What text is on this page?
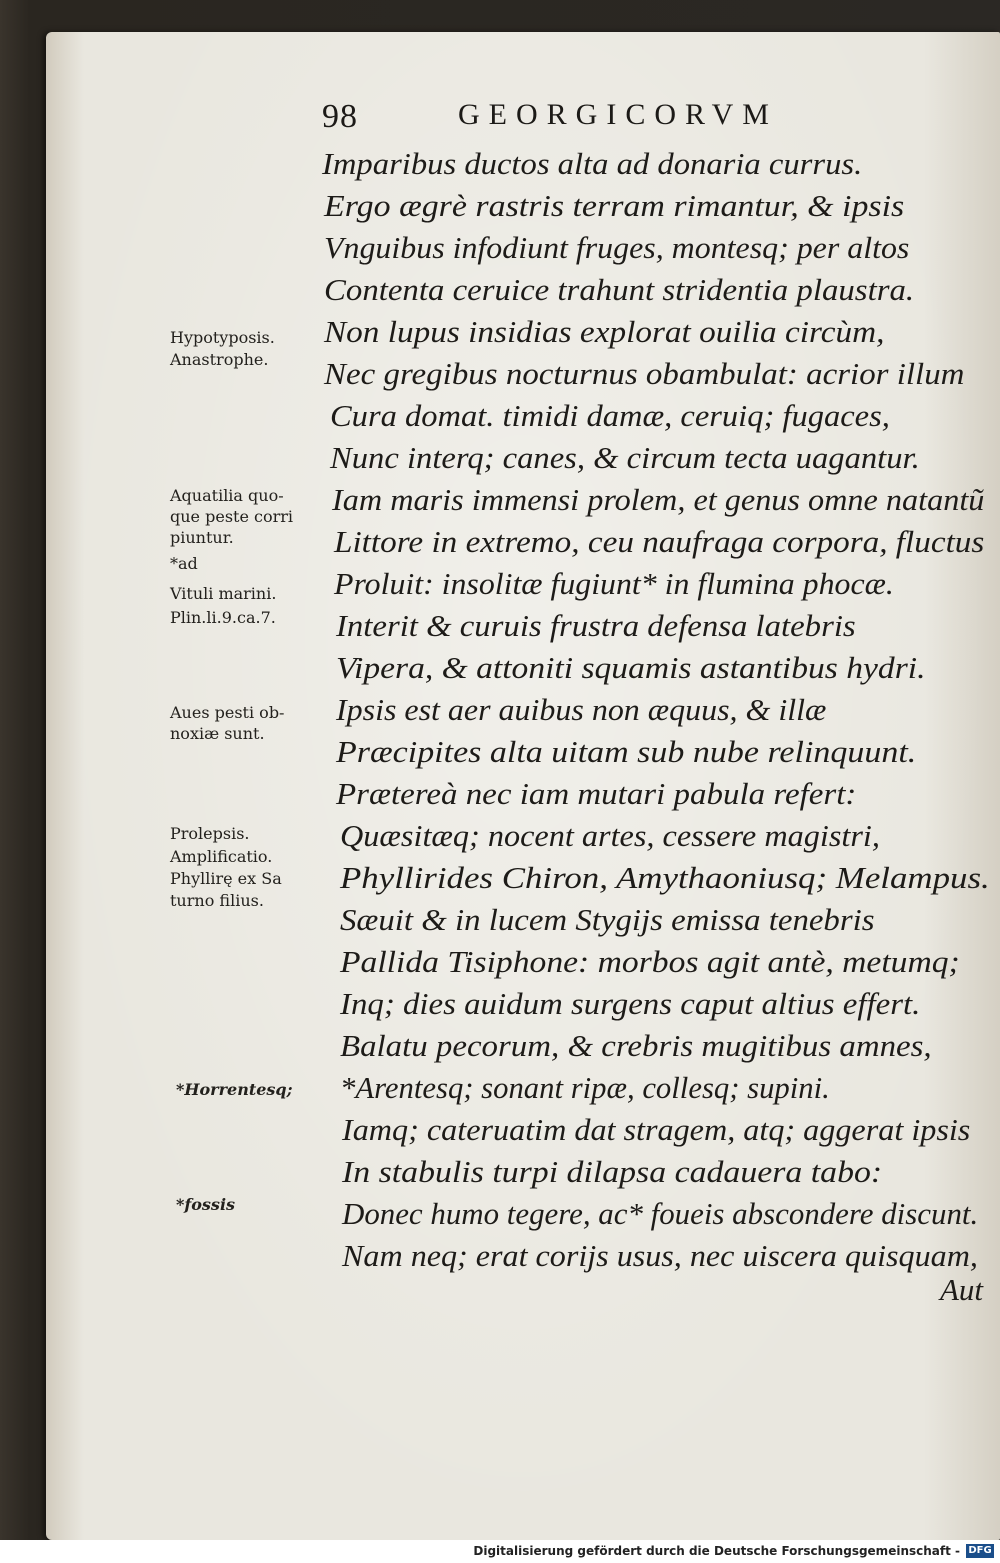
98	GEORGICORVM
Imparibus ductos alta ad donaria currus.
Ergo ægrè rastris terram rimantur, & ipsis
Vnguibus infodiunt fruges, montesq; per altos
Contenta ceruice trahunt stridentia plaustra.
Non lupus insidias explorat ouilia circùm,
Nec gregibus nocturnus obambulat: acrior illum
Cura domat. timidi damæ, ceruiq; fugaces,
Nunc interq; canes, & circum tecta uagantur.
Iam maris immensi prolem, et genus omne natantũ
Littore in extremo, ceu naufraga corpora, fluctus
Proluit: insolitæ fugiunt* in flumina phocæ.
Interit & curuis frustra defensa latebris
Vipera, & attoniti squamis astantibus hydri.
Ipsis est aer auibus non æquus, & illæ
Præcipites alta uitam sub nube relinquunt.
Prætereà nec iam mutari pabula refert:
Quæsitæq; nocent artes, cessere magistri,
Phyllirides Chiron, Amythaoniusq; Melampus.
Sæuit & in lucem Stygijs emissa tenebris
Pallida Tisiphone: morbos agit antè, metumq;
Inq; dies auidum surgens caput altius effert.
Balatu pecorum, & crebris mugitibus amnes,
*Arentesq; sonant ripæ, collesq; supini.
Iamq; cateruatim dat stragem, atq; aggerat ipsis
In stabulis turpi dilapsa cadauera tabo:
Donec humo tegere, ac* foueis abscondere discunt.
Nam neq; erat corijs usus, nec uiscera quisquam,
Aut
Hypotyposis.
Anastrophe.
Aquatilia quo-
que peste corri
piuntur.
*ad
Vituli marini.
Plin.li.9.ca.7.
Aues pesti ob-
noxiæ sunt.
Prolepsis.
Amplificatio.
Phyllirę ex Sa
turno filius.
*Horrentesq;
*fossis
Digitalisierung gefördert durch die Deutsche Forschungsgemeinschaft - DFG
